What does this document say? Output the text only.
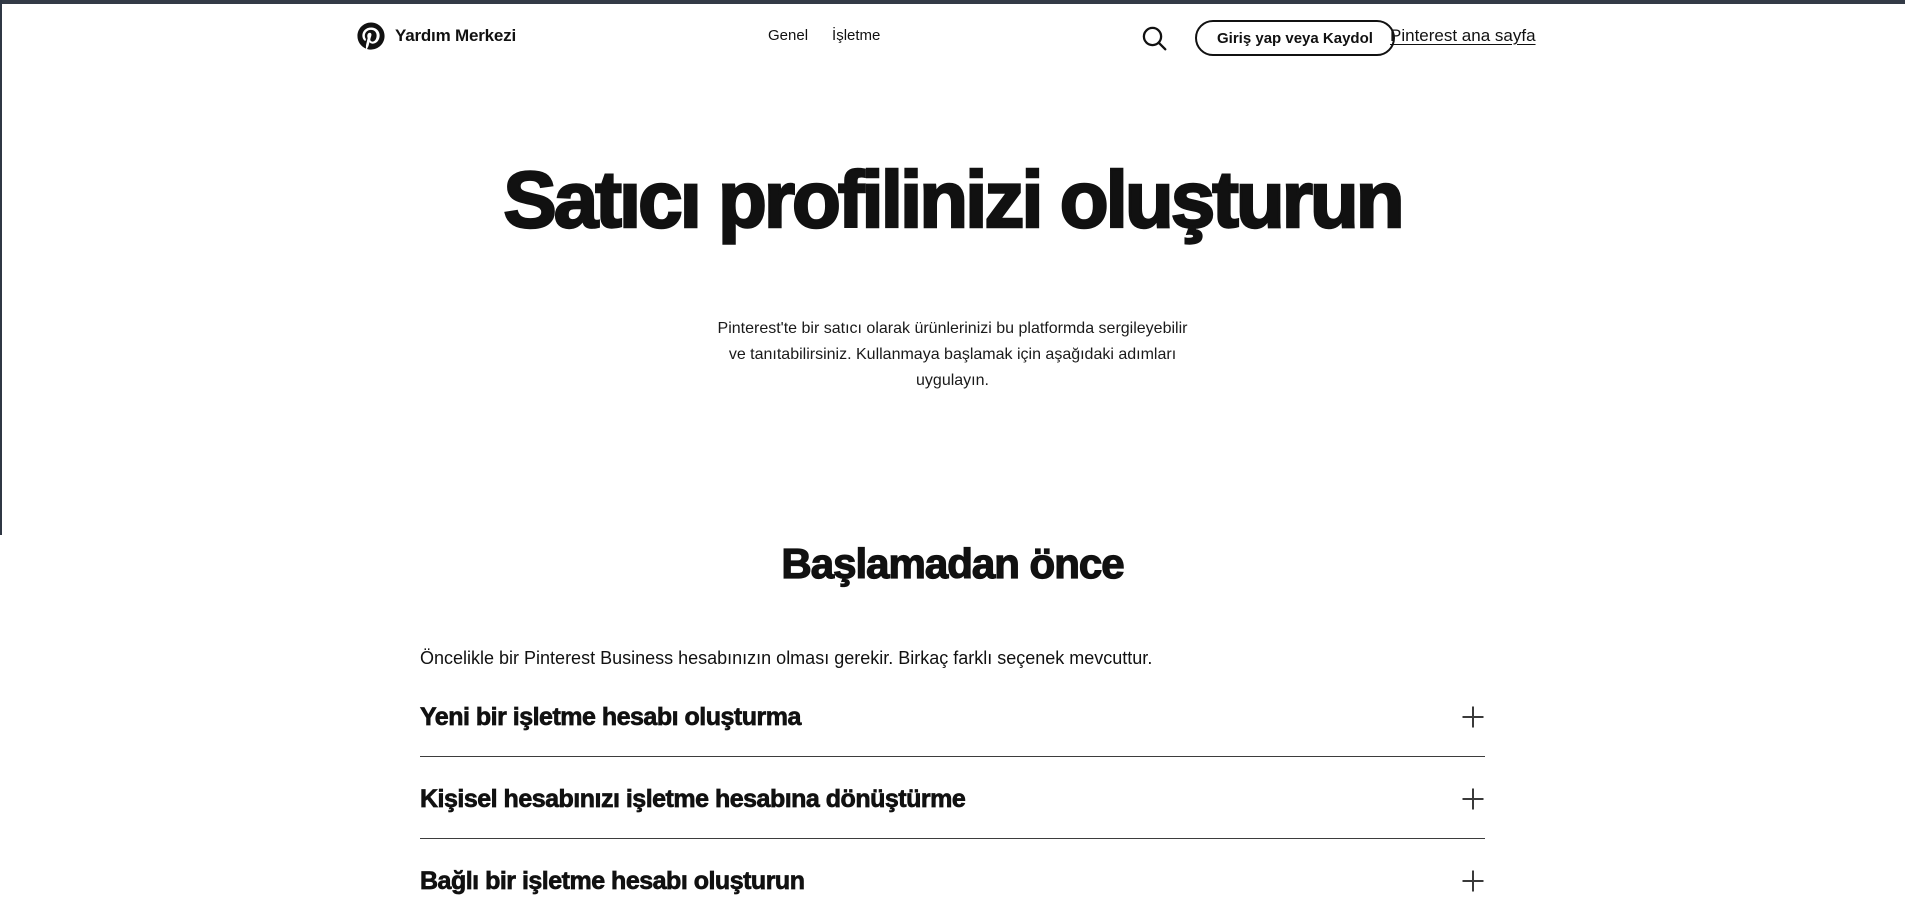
Yardım Merkezi	Genel İşletme	Giriş yap veya Kaydol	Pinterest ana sayfa
Satıcı profilinizi oluşturun

Pinterest'te bir satıcı olarak ürünlerinizi bu platformda sergileyebilir ve tanıtabilirsiniz. Kullanmaya başlamak için aşağıdaki adımları uygulayın.

Başlamadan önce

Öncelikle bir Pinterest Business hesabınızın olması gerekir. Birkaç farklı seçenek mevcuttur.

Yeni bir işletme hesabı oluşturma
Kişisel hesabınızı işletme hesabına dönüştürme
Bağlı bir işletme hesabı oluşturun
